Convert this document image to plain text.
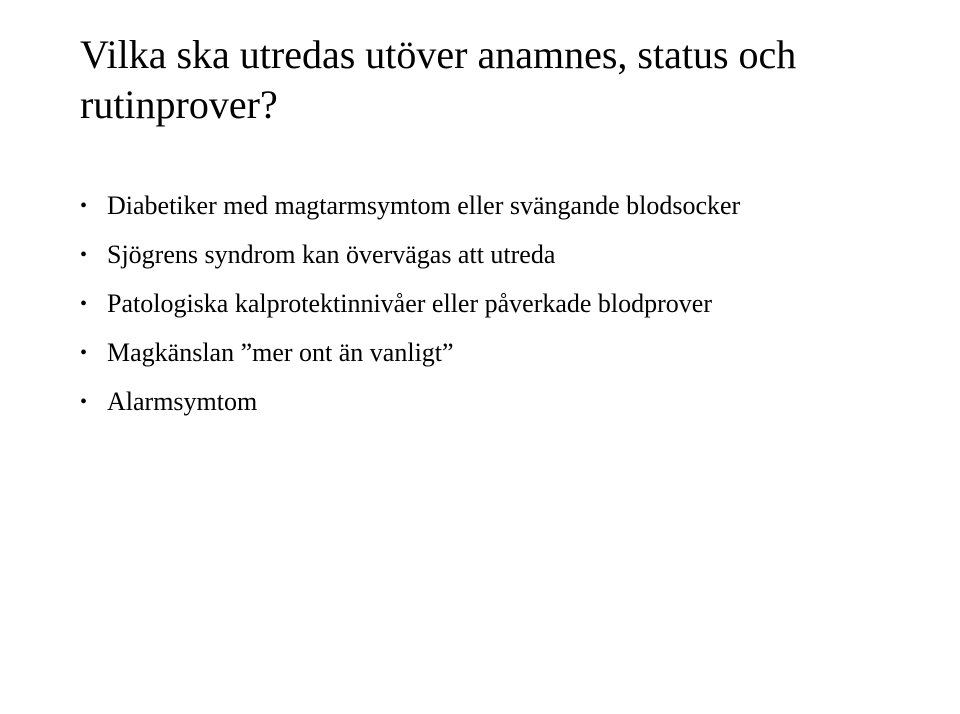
Vilka ska utredas utöver anamnes, status och rutinprover?
• Diabetiker med magtarmsymtom eller svängande blodsocker
• Sjögrens syndrom kan övervägas att utreda
• Patologiska kalprotektinnivåer eller påverkade blodprover
• Magkänslan ”mer ont än vanligt”
• Alarmsymtom
